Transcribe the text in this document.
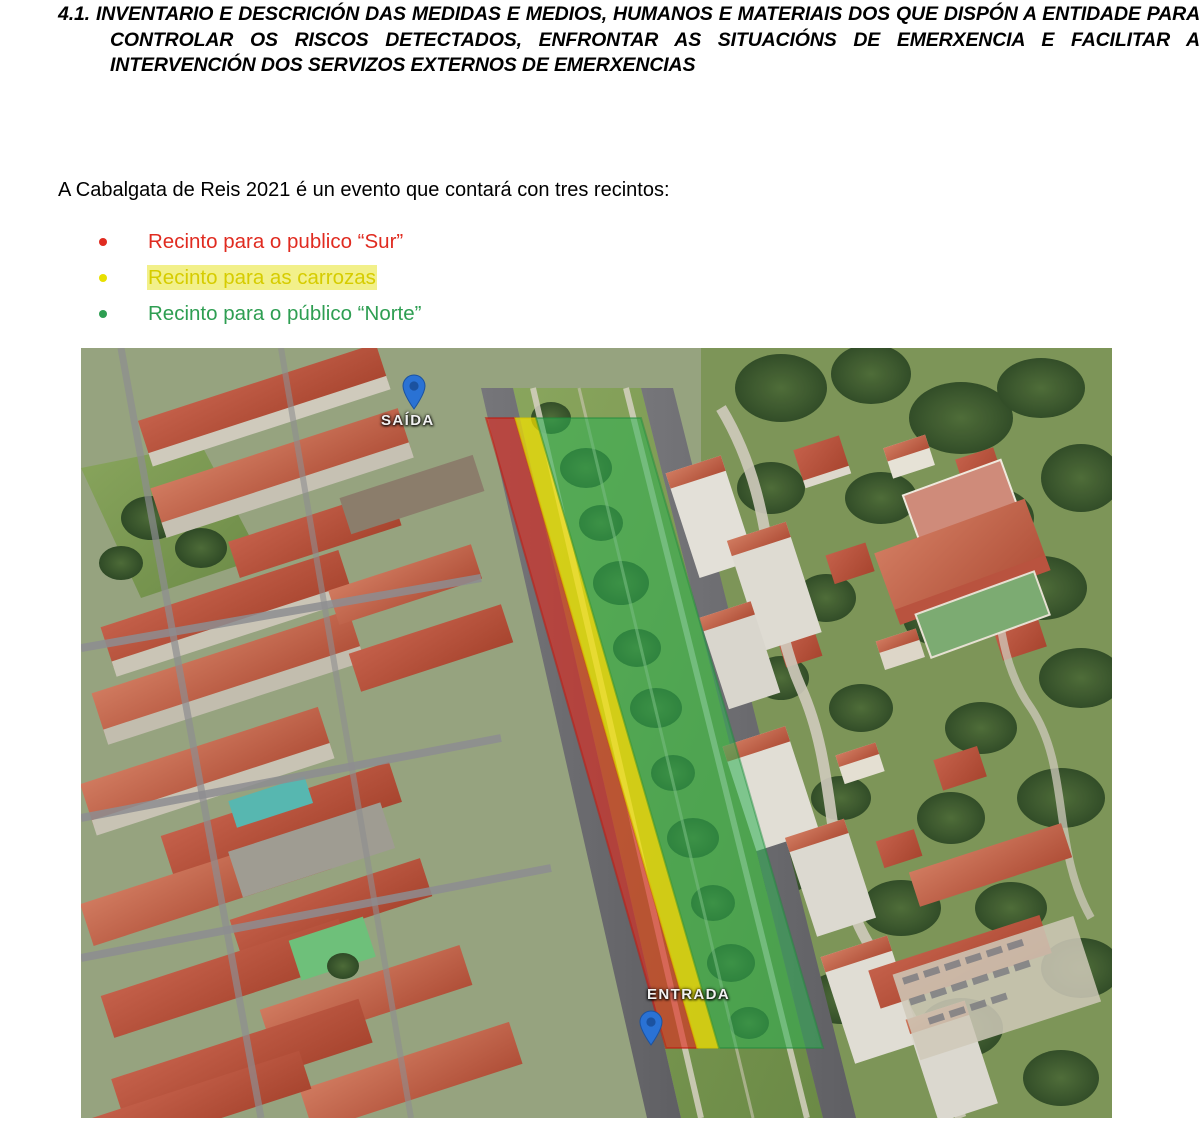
4.1. INVENTARIO E DESCRICIÓN DAS MEDIDAS E MEDIOS, HUMANOS E MATERIAIS DOS QUE DISPÓN A ENTIDADE PARA CONTROLAR OS RISCOS DETECTADOS, ENFRONTAR AS SITUACIÓNS DE EMERXENCIA E FACILITAR A INTERVENCIÓN DOS SERVIZOS EXTERNOS DE EMERXENCIAS
A Cabalgata de Reis 2021 é un evento que contará con tres recintos:
Recinto para o publico “Sur”
Recinto para as carrozas
Recinto para o público “Norte”
SAÍDA
ENTRADA
